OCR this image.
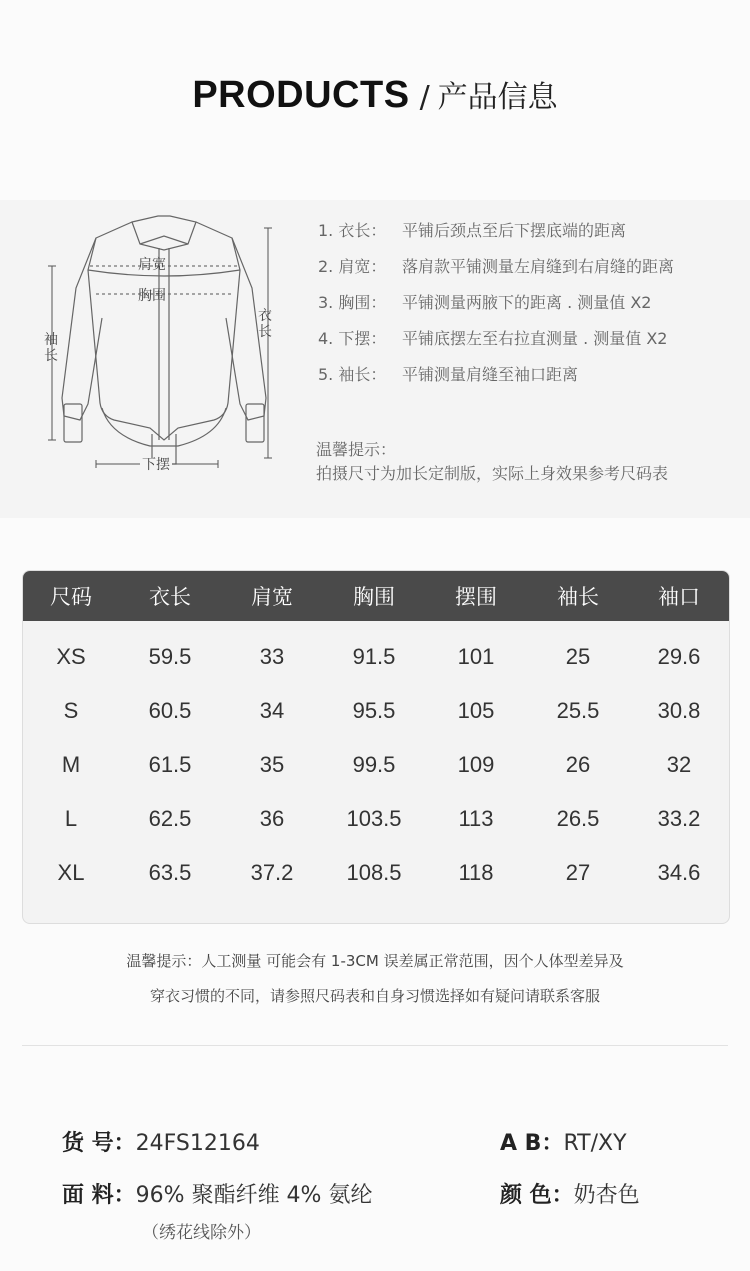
PRODUCTS / 产品信息
肩宽
胸围
衣长
袖长
下摆
1. 衣长： 平铺后颈点至后下摆底端的距离
2. 肩宽： 落肩款平铺测量左肩缝到右肩缝的距离
3. 胸围： 平铺测量两腋下的距离 . 测量值 X2
4. 下摆： 平铺底摆左至右拉直测量 . 测量值 X2
5. 袖长： 平铺测量肩缝至袖口距离
温馨提示：
拍摄尺寸为加长定制版，实际上身效果参考尺码表
尺码	衣长	肩宽	胸围	摆围	袖长	袖口
XS	59.5	33	91.5	101	25	29.6
S	60.5	34	95.5	105	25.5	30.8
M	61.5	35	99.5	109	26	32
L	62.5	36	103.5	113	26.5	33.2
XL	63.5	37.2	108.5	118	27	34.6
温馨提示：人工测量 可能会有 1-3CM 误差属正常范围，因个人体型差异及
穿衣习惯的不同，请参照尺码表和自身习惯选择如有疑问请联系客服
货 号：24FS12164	A B：RT/XY
面 料：96% 聚酯纤维 4% 氨纶	颜 色：奶杏色
（绣花线除外）
